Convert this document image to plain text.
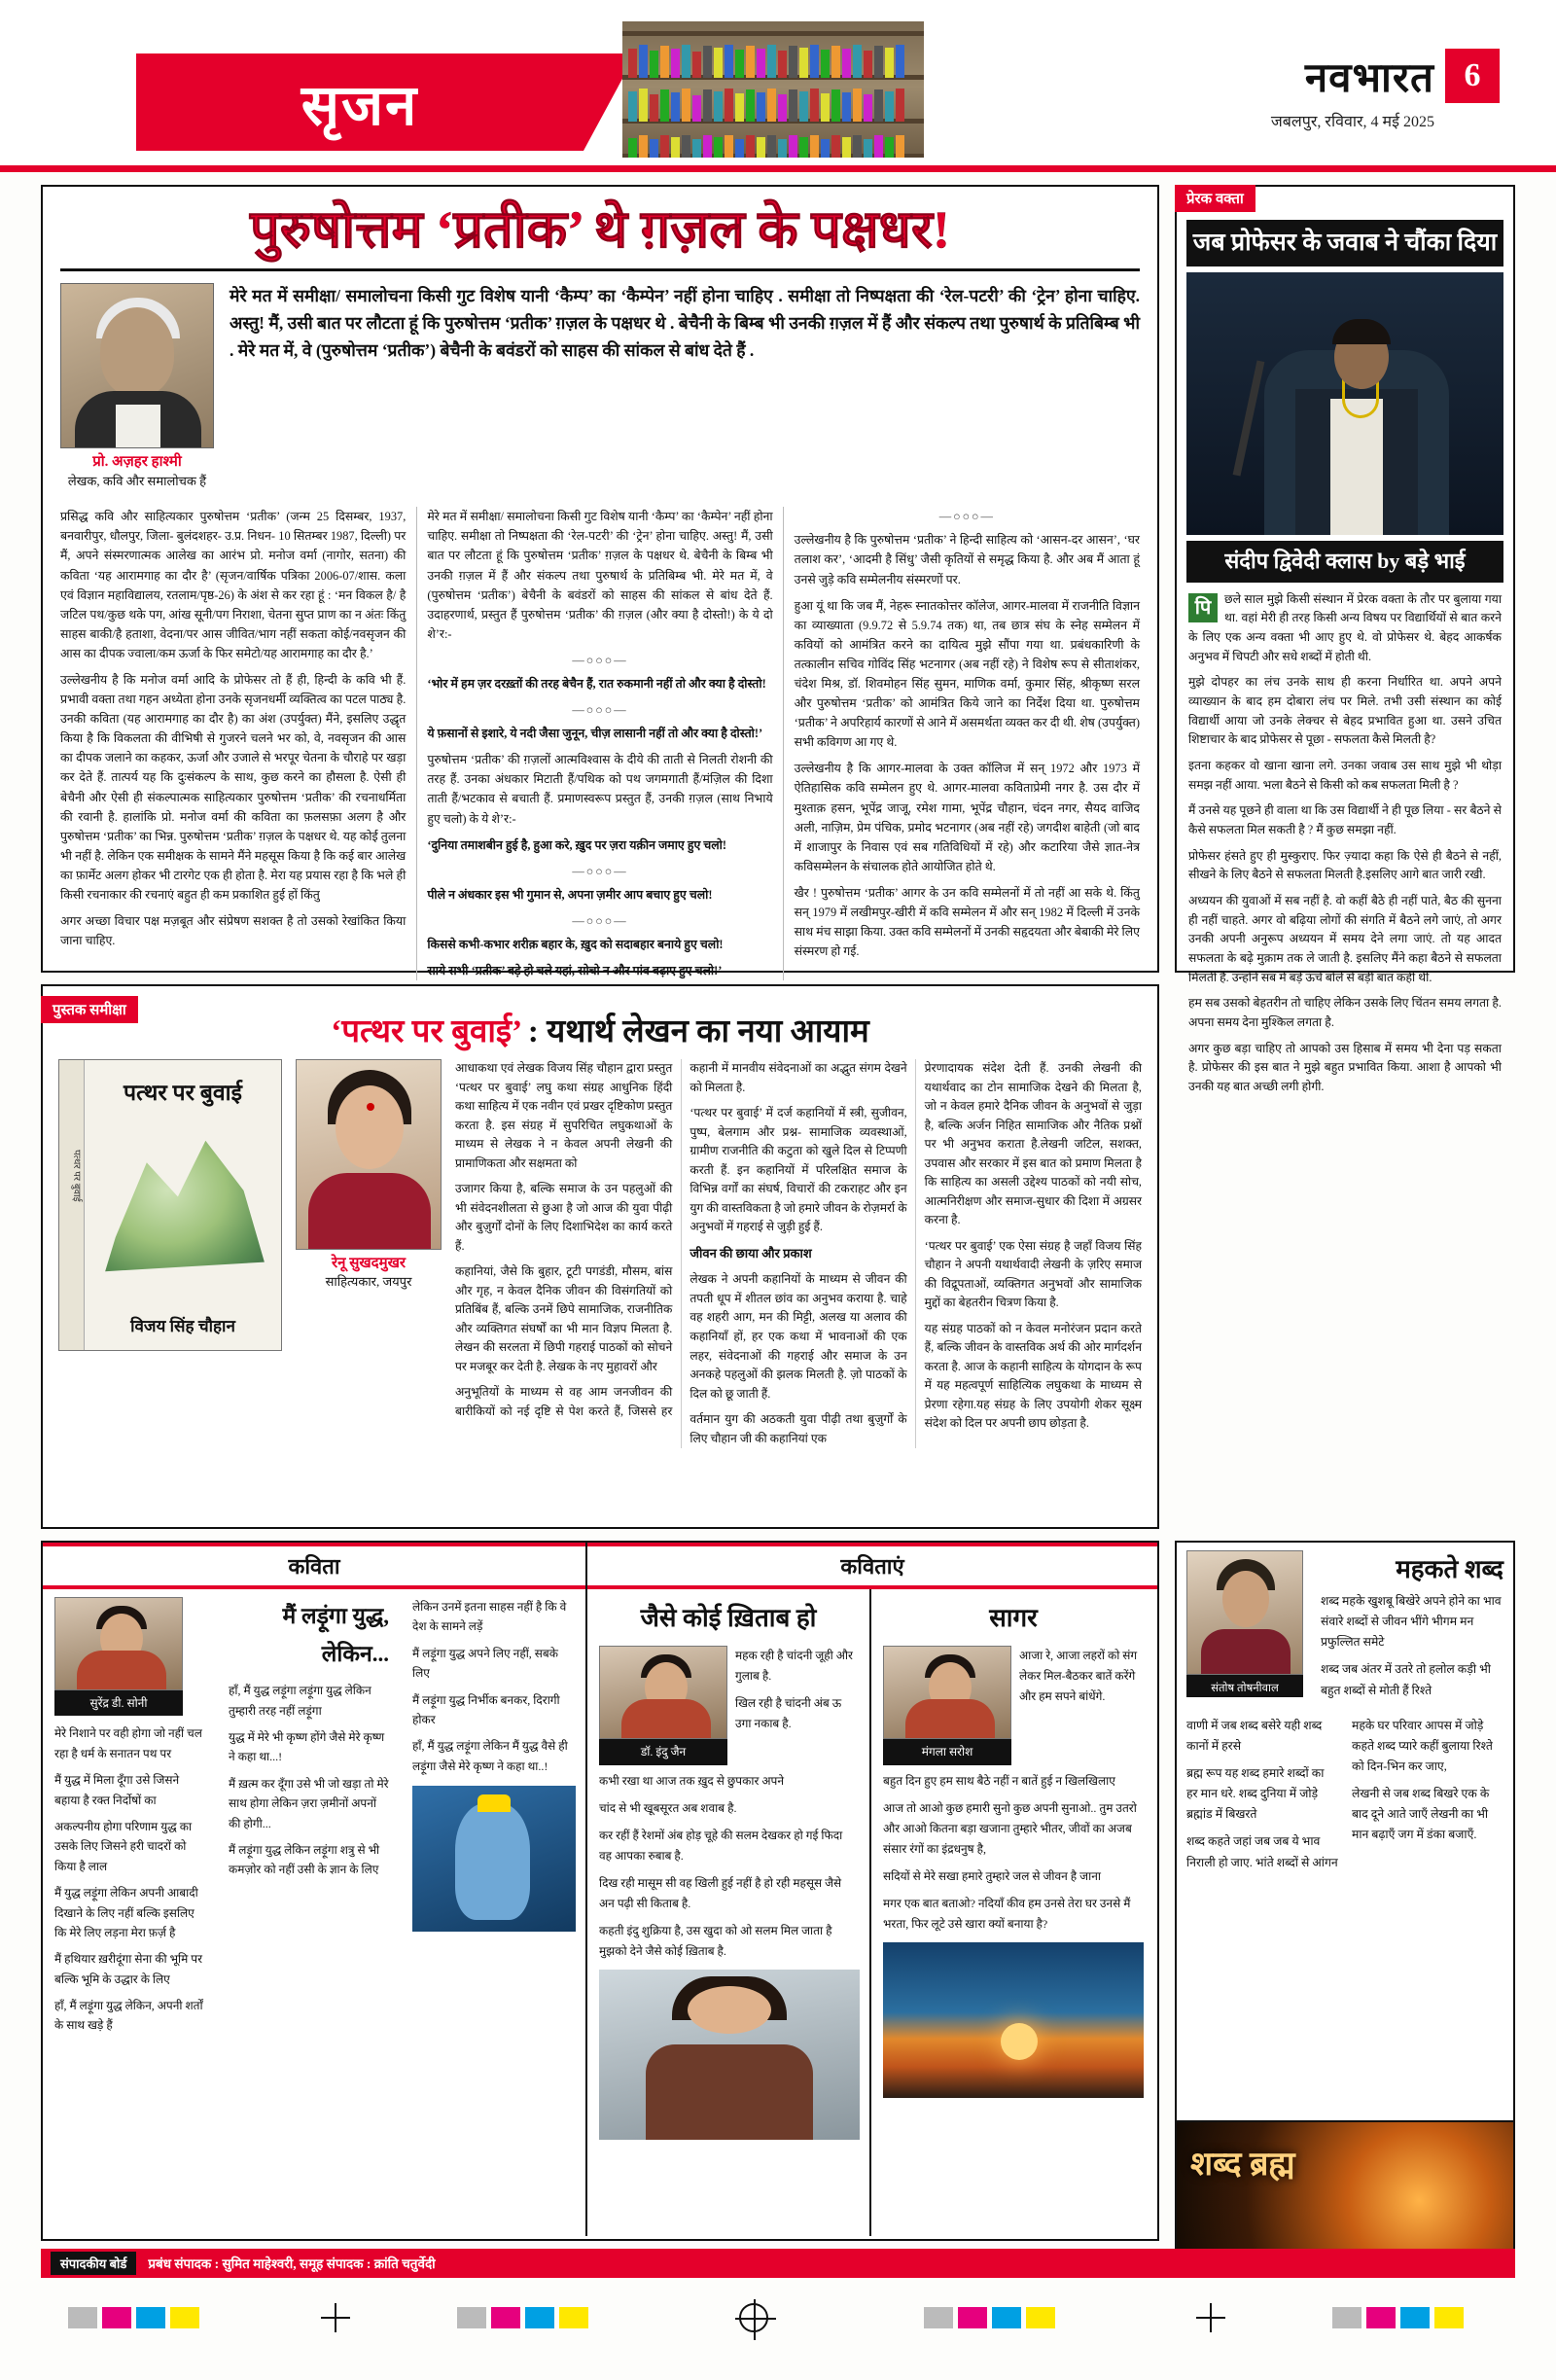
सृजन	नवभारत
जबलपुर, रविवार, 4 मई 2025
6
पुरुषोत्तम ‘प्रतीक’ थे ग़ज़ल के पक्षधर!
प्रो. अज़हर हाश्मी
लेखक, कवि और समालोचक हैं
मेरे मत में समीक्षा/ समालोचना किसी गुट विशेष यानी ‘कैम्प’ का ‘कैम्पेन’ नहीं होना चाहिए . समीक्षा तो निष्पक्षता की ‘रेल-पटरी’ की ‘ट्रेन’ होना चाहिए. अस्तु! मैं, उसी बात पर लौटता हूं कि पुरुषोत्तम ‘प्रतीक’ ग़ज़ल के पक्षधर थे . बेचैनी के बिम्ब भी उनकी ग़ज़ल में हैं और संकल्प तथा पुरुषार्थ के प्रतिबिम्ब भी . मेरे मत में, वे (पुरुषोत्तम ‘प्रतीक’) बेचैनी के बवंडरों को साहस की सांकल से बांध देते हैं .

प्रसिद्ध कवि और साहित्यकार पुरुषोत्तम ‘प्रतीक’ (जन्म 25 दिसम्बर, 1937, बनवारीपुर, धौलपुर, जिला- बुलंदशहर- उ.प्र. निधन- 10 सितम्बर 1987, दिल्ली) पर मैं, अपने संस्मरणात्मक आलेख का आरंभ प्रो. मनोज वर्मा (नागोर, सतना) की कविता ‘यह आरामगाह का दौर है’ (सृजन/वार्षिक पत्रिका 2006-07/शास. कला एवं विज्ञान महाविद्यालय, रतलाम/पृष्ठ-26) के अंश से कर रहा हूं : ‘मन विकल है/ है जटिल पथ/कुछ थके पग, आंख सूनी/पग निराशा, चेतना सुप्त प्राण का न अंतः किंतु साहस बाकी/है हताशा, वेदना/पर आस जीवित/भाग नहीं सकता कोई/नवसृजन की आस का दीपक ज्वाला/कम ऊर्जा के फिर समेटो/यह आरामगाह का दौर है.’

उल्लेखनीय है कि मनोज वर्मा आदि के प्रोफेसर तो हैं ही, हिन्दी के कवि भी हैं. प्रभावी वक्ता तथा गहन अध्येता होना उनके सृजनधर्मी व्यक्तित्व का पटल पाठ्य है. उनकी कविता (यह आरामगाह का दौर है) का अंश (उपर्युक्त) मैंने, इसलिए उद्धृत किया है कि विकलता की वीभिषी से गुजरने चलने भर को, वे, नवसृजन की आस का दीपक जलाने का कहकर, ऊर्जा और उजाले से भरपूर चेतना के चौराहे पर खड़ा कर देते हैं. तात्पर्य यह कि दुःसंकल्प के साथ, कुछ करने का हौसला है. ऐसी ही बेचैनी और ऐसी ही संकल्पात्मक साहित्यकार पुरुषोत्तम ‘प्रतीक’ की रचनाधर्मिता की रवानी है. हालांकि प्रो. मनोज वर्मा की कविता का फ़लसफ़ा अलग है और पुरुषोत्तम ‘प्रतीक’ का भिन्न. पुरुषोत्तम ‘प्रतीक’ ग़ज़ल के पक्षधर थे. यह कोई तुलना भी नहीं है. लेकिन एक समीक्षक के सामने मैंने महसूस किया है कि कई बार आलेख का फ़ार्मेट अलग होकर भी टारगेट एक ही होता है. मेरा यह प्रयास रहा है कि भले ही किसी रचनाकार की रचनाएं बहुत ही कम प्रकाशित हुई हों किंतु

अगर अच्छा विचार पक्ष मज़बूत और संप्रेषण सशक्त है तो उसको रेखांकित किया जाना चाहिए.

मेरे मत में समीक्षा/ समालोचना किसी गुट विशेष यानी ‘कैम्प’ का ‘कैम्पेन’ नहीं होना चाहिए. समीक्षा तो निष्पक्षता की ‘रेल-पटरी’ की ‘ट्रेन’ होना चाहिए. अस्तु! मैं, उसी बात पर लौटता हूं कि पुरुषोत्तम ‘प्रतीक’ ग़ज़ल के पक्षधर थे. बेचैनी के बिम्ब भी उनकी ग़ज़ल में हैं और संकल्प तथा पुरुषार्थ के प्रतिबिम्ब भी. मेरे मत में, वे (पुरुषोत्तम ‘प्रतीक’) बेचैनी के बवंडरों को साहस की सांकल से बांध देते हैं. उदाहरणार्थ, प्रस्तुत हैं पुरुषोत्तम ‘प्रतीक’ की ग़ज़ल (और क्या है दोस्तो!) के ये दो शे’र:-

—○○○—

‘भोर में हम ज़र दरख़्तों की तरह बेचैन हैं, रात रुकमानी नहीं तो और क्या है दोस्तो!

—○○○—

ये फ़सानों से इशारे, ये नदी जैसा जुनून, चीज़ लासानी नहीं तो और क्या है दोस्तो!’

पुरुषोत्तम ‘प्रतीक’ की ग़ज़लों आत्मविश्वास के दीये की ताती से निलती रोशनी की तरह हैं. उनका अंधकार मिटाती हैं/पथिक को पथ जगमगाती हैं/मंज़िल की दिशा ताती हैं/भटकाव से बचाती हैं. प्रमाणस्वरूप प्रस्तुत हैं, उनकी ग़ज़ल (साथ निभाये हुए चलो) के ये शे’र:-

‘दुनिया तमाशबीन हुई है, हुआ करे, ख़ुद पर ज़रा यक़ीन जमाए हुए चलो!

—○○○—

पीले न अंधकार इस भी गुमान से, अपना ज़मीर आप बचाए हुए चलो!

—○○○—

किससे कभी-कभार शरीक़ बहार के, ख़ुद को सदाबहार बनाये हुए चलो!

साये सभी ‘प्रतीक’ बड़े हो चले यहां, सोचो न और पांव बढ़ाए हुए चलो!’

—○○○—

उल्लेखनीय है कि पुरुषोत्तम ‘प्रतीक’ ने हिन्दी साहित्य को ‘आसन-दर आसन’, ‘घर तलाश कर’, ‘आदमी है सिंधु’ जैसी कृतियों से समृद्ध किया है. और अब मैं आता हूं उनसे जुड़े कवि सम्मेलनीय संस्मरणों पर.

हुआ यूं था कि जब मैं, नेहरू स्नातकोत्तर कॉलेज, आगर-मालवा में राजनीति विज्ञान का व्याख्याता (9.9.72 से 5.9.74 तक) था, तब छात्र संघ के स्नेह सम्मेलन में कवियों को आमंत्रित करने का दायित्व मुझे सौंपा गया था. प्रबंधकारिणी के तत्कालीन सचिव गोविंद सिंह भटनागर (अब नहीं रहे) ने विशेष रूप से सीताशंकर, चंदेश मिश्र, डॉ. शिवमोहन सिंह सुमन, माणिक वर्मा, कुमार सिंह, श्रीकृष्ण सरल और पुरुषोत्तम ‘प्रतीक’ को आमंत्रित किये जाने का निर्देश दिया था. पुरुषोत्तम ‘प्रतीक’ ने अपरिहार्य कारणों से आने में असमर्थता व्यक्त कर दी थी. शेष (उपर्युक्त) सभी कविगण आ गए थे.

उल्लेखनीय है कि आगर-मालवा के उक्त कॉलिज में सन् 1972 और 1973 में ऐतिहासिक कवि सम्मेलन हुए थे. आगर-मालवा कविताप्रेमी नगर है. उस दौर में मुश्ताक़ हसन, भूपेंद्र जाजू, रमेश गामा, भूपेंद्र चौहान, चंदन नगर, सैयद वाजिद अली, नाज़िम, प्रेम पंचिक, प्रमोद भटनागर (अब नहीं रहे) जगदीश बाहेती (जो बाद में शाजापुर के निवास एवं सब गतिविधियों में रहे) और कटारिया जैसे ज्ञात-नेत्र कविसम्मेलन के संचालक होते आयोजित होते थे.

खैर ! पुरुषोत्तम ‘प्रतीक’ आगर के उन कवि सम्मेलनों में तो नहीं आ सके थे. किंतु सन् 1979 में लखीमपुर-खीरी में कवि सम्मेलन में और सन् 1982 में दिल्ली में उनके साथ मंच साझा किया. उक्त कवि सम्मेलनों में उनकी सहृदयता और बेबाकी मेरे लिए संस्मरण हो गई.

प्रेरक वक्ता
जब प्रोफेसर के जवाब ने चौंका दिया
संदीप द्विवेदी क्लास by बड़े भाई
पि	छले साल मुझे किसी संस्थान में प्रेरक वक्ता के तौर पर बुलाया गया था. वहां मेरी ही तरह किसी अन्य विषय पर विद्यार्थियों से बात करने के लिए एक अन्य वक्ता भी आए हुए थे. वो प्रोफेसर थे. बेहद आकर्षक अनुभव में चिपटी और सधे शब्दों में होती थी.

मुझे दोपहर का लंच उनके साथ ही करना निर्धारित था. अपने अपने व्याख्यान के बाद हम दोबारा लंच पर मिले. तभी उसी संस्थान का कोई विद्यार्थी आया जो उनके लेक्चर से बेहद प्रभावित हुआ था. उसने उचित शिष्टाचार के बाद प्रोफेसर से पूछा - सफलता कैसे मिलती है?

इतना कहकर वो खाना खाना लगे. उनका जवाब उस साथ मुझे भी थोड़ा समझ नहीं आया. भला बैठने से किसी को कब सफलता मिली है ?

मैं उनसे यह पूछने ही वाला था कि उस विद्यार्थी ने ही पूछ लिया - सर बैठने से कैसे सफलता मिल सकती है ? मैं कुछ समझा नहीं.

प्रोफेसर हंसते हुए ही मुस्कुराए. फिर ज़्यादा कहा कि ऐसे ही बैठने से नहीं, सीखने के लिए बैठने से सफलता मिलती है.इसलिए आगे बात जारी रखी.

अध्ययन की युवाओं में सब नहीं है. वो कहीं बैठे ही नहीं पाते, बैठ की सुनना ही नहीं चाहते. अगर वो बढ़िया लोगों की संगति में बैठने लगे जाएं, तो अगर उनकी अपनी अनुरूप अध्ययन में समय देने लगा जाएं. तो यह आदत सफलता के बढ़े मुक़ाम तक ले जाती है. इसलिए मैंने कहा बैठने से सफलता मिलती है. उन्होंने सब में बड़े ऊंचे बोले से बड़ी बात कही थी.

हम सब उसको बेहतरीन तो चाहिए लेकिन उसके लिए चिंतन समय लगता है. अपना समय देना मुश्किल लगता है.

अगर कुछ बड़ा चाहिए तो आपको उस हिसाब में समय भी देना पड़ सकता है. प्रोफेसर की इस बात ने मुझे बहुत प्रभावित किया. आशा है आपको भी उनकी यह बात अच्छी लगी होगी.

पुस्तक समीक्षा
‘पत्थर पर बुवाई’ : यथार्थ लेखन का नया आयाम
पत्थर पर बुवाई
पत्थर पर बुवाई
विजय सिंह चौहान
रेनू सुखदमुखर
साहित्यकार, जयपुर

आधाकथा एवं लेखक विजय सिंह चौहान द्वारा प्रस्तुत ‘पत्थर पर बुवाई’ लघु कथा संग्रह आधुनिक हिंदी कथा साहित्य में एक नवीन एवं प्रखर दृष्टिकोण प्रस्तुत करता है. इस संग्रह में सुपरिचित लघुकथाओं के माध्यम से लेखक ने न केवल अपनी लेखनी की प्रामाणिकता और सक्षमता को

उजागर किया है, बल्कि समाज के उन पहलुओं की भी संवेदनशीलता से छुआ है जो आज की युवा पीढ़ी और बुज़ुर्गों दोनों के लिए दिशाभिदेश का कार्य करते हैं.

कहानियां, जैसे कि बुहार, टूटी पगडंडी, मौसम, बांस और गृह, न केवल दैनिक जीवन की विसंगतियों को प्रतिबिंब हैं, बल्कि उनमें छिपे सामाजिक, राजनीतिक और व्यक्तिगत संघर्षों का भी मान विज्ञप मिलता है. लेखन की सरलता में छिपी गहराई पाठकों को सोचने पर मजबूर कर देती है. लेखक के नए मुहावरों और

अनुभूतियों के माध्यम से वह आम जनजीवन की बारीकियों को नई दृष्टि से पेश करते हैं, जिससे हर कहानी में मानवीय संवेदनाओं का अद्भुत संगम देखने को मिलता है.

‘पत्थर पर बुवाई’ में दर्ज कहानियों में स्त्री, सुजीवन, पुष्प, बेलगाम और प्रश्न- सामाजिक व्यवस्थाओं, ग्रामीण राजनीति की कटुता को खुले दिल से टिप्पणी करती हैं. इन कहानियों में परिलक्षित समाज के विभिन्न वर्गों का संघर्ष, विचारों की टकराहट और इन युग की वास्तविकता है जो हमारे जीवन के रोज़मर्रा के अनुभवों में गहराई से जुड़ी हुई हैं.

जीवन की छाया और प्रकाश

लेखक ने अपनी कहानियों के माध्यम से जीवन की तपती धूप में शीतल छांव का अनुभव कराया है. चाहे वह शहरी आग, मन की मिट्टी, अलख या अलाव की कहानियाँ हों, हर एक कथा में भावनाओं की एक लहर, संवेदनाओं की गहराई और समाज के उन अनकहे पहलुओं की झलक मिलती है. ज़ो पाठकों के दिल को छू जाती हैं.

वर्तमान युग की अठकती युवा पीढ़ी तथा बुज़ुर्गों के लिए चौहान जी की कहानियां एक

प्रेरणादायक संदेश देती हैं. उनकी लेखनी की यथार्थवाद का टोन सामाजिक देखने की मिलता है, जो न केवल हमारे दैनिक जीवन के अनुभवों से जुड़ा है, बल्कि अर्जन निहित सामाजिक और नैतिक प्रश्नों पर भी अनुभव कराता है.लेखनी जटिल, सशक्त, उपवास और सरकार में इस बात को प्रमाण मिलता है कि साहित्य का असली उद्देश्य पाठकों को नयी सोच, आत्मनिरीक्षण और समाज-सुधार की दिशा में अग्रसर करना है.

‘पत्थर पर बुवाई’ एक ऐसा संग्रह है जहाँ विजय सिंह चौहान ने अपनी यथार्थवादी लेखनी के ज़रिए समाज की विद्रूपताओं, व्यक्तिगत अनुभवों और सामाजिक मुद्दों का बेहतरीन चित्रण किया है.

यह संग्रह पाठकों को न केवल मनोरंजन प्रदान करते हैं, बल्कि जीवन के वास्तविक अर्थ की ओर मार्गदर्शन करता है. आज के कहानी साहित्य के योगदान के रूप में यह महत्वपूर्ण साहित्यिक लघुकथा के माध्यम से प्रेरणा रहेगा.यह संग्रह के लिए उपयोगी शेकर सूक्ष्म संदेश को दिल पर अपनी छाप छोड़ता है.

कविता	कविताएं
सुरेंद्र डी. सोनी

मेरे निशाने पर वही होगा जो नहीं चल रहा है धर्म के सनातन पथ पर

मैं युद्ध में मिला दूँगा उसे जिसने बहाया है रक्त निर्दोषों का

अकल्पनीय होगा परिणाम युद्ध का उसके लिए जिसने हरी चादरों को किया है लाल

मैं युद्ध लड़ूंगा लेकिन अपनी आबादी दिखाने के लिए नहीं बल्कि इसलिए कि मेरे लिए लड़ना मेरा फ़र्ज़ है

मैं हथियार ख़रीदूंगा सेना की भूमि पर बल्कि भूमि के उद्धार के लिए

हाँ, मैं लड़ूंगा युद्ध लेकिन, अपनी शर्तों के साथ खड़े हैं

मैं लड़ूंगा युद्ध, लेकिन...

हाँ, मैं युद्ध लड़ूंगा लड़ूंगा युद्ध लेकिन तुम्हारी तरह नहीं लड़ूंगा

युद्ध में मेरे भी कृष्ण होंगे जैसे मेरे कृष्ण ने कहा था...!

मैं ख़त्म कर दूँगा उसे भी जो खड़ा तो मेरे साथ होगा लेकिन ज़रा ज़मीनों अपनों की होगी...

मैं लड़ूंगा युद्ध लेकिन लड़ूंगा शत्रु से भी कमज़ोर को नहीं उसी के ज्ञान के लिए

लेकिन उनमें इतना साहस नहीं है कि वे देश के सामने लड़ें

मैं लड़ूंगा युद्ध अपने लिए नहीं, सबके लिए

मैं लड़ूंगा युद्ध निर्भीक बनकर, दिरागी होकर

हाँ, मैं युद्ध लड़ूंगा लेकिन मैं युद्ध वैसे ही लड़ूंगा जैसे मेरे कृष्ण ने कहा था..!

जैसे कोई ख़िताब हो
डॉ. इंदु जैन

महक रही है चांदनी जूही और गुलाब है.

खिल रही है चांदनी अंब ऊ उगा नकाब है.

कभी रखा था आज तक ख़ुद से छुपकार अपने

चांद से भी खूबसूरत अब शवाब है.

कर रहीं हैं रेशमों अंब होड़ चूहे की सलम देखकर हो गई फिदा वह आपका रुबाब है.

दिख रही मासूम सी वह खिली हुई नहीं है हो रही महसूस जैसे अन पढ़ी सी किताब है.

कहती इंदु शुक्रिया है, उस खुदा को ओ सलम मिल जाता है मुझको देने जैसे कोई ख़िताब है.

सागर
मंगला सरोश

आजा रे, आजा लहरों को संग लेकर मिल-बैठकर बातें करेंगे और हम सपने बांधेंगे.

बहुत दिन हुए हम साथ बैठे नहीं न बातें हुई न खिलखिलाए

आज तो आओ कुछ हमारी सुनो कुछ अपनी सुनाओ.. तुम उतरो और आओ कितना बड़ा खजाना तुम्हारे भीतर, जीवों का अजब संसार रंगों का इंद्रधनुष है,

सदियों से मेरे सखा हमारे तुम्हारे जल से जीवन है जाना

मगर एक बात बताओ? नदियाँ कीव हम उनसे तेरा घर उनसे मैं भरता, फिर लूटे उसे खारा क्यों बनाया है?

संतोष तोषनीवाल
महकते शब्द

शब्द महके खुशबू बिखेरे अपने होने का भाव संवारे शब्दों से जीवन भींगे भीगम मन प्रफुल्लित समेटे

शब्द जब अंतर में उतरे तो हलोल कड़ी भी बहुत शब्दों से मोती हैं रिश्ते

वाणी में जब शब्द बसेरे यही शब्द कानों में हरसे

ब्रह्म रूप यह शब्द हमारे शब्दों का हर मान धरे. शब्द दुनिया में जोड़े ब्रह्मांड में बिखरते

शब्द कहते जहां जब जब ये भाव निराली हो जाए. भांते शब्दों से आंगन महके घर परिवार आपस में जोड़े कहते शब्द प्यारे कहीं बुलाया रिश्ते को दिन-भिन कर जाए,

लेखनी से जब शब्द बिखरे एक के बाद दूने आते जाएँ लेखनी का भी मान बढ़ाएँ जग में डंका बजाएँ.

शब्द ब्रह्म
संपादकीय बोर्ड	प्रबंध संपादक : सुमित माहेश्वरी, समूह संपादक : क्रांति चतुर्वेदी
